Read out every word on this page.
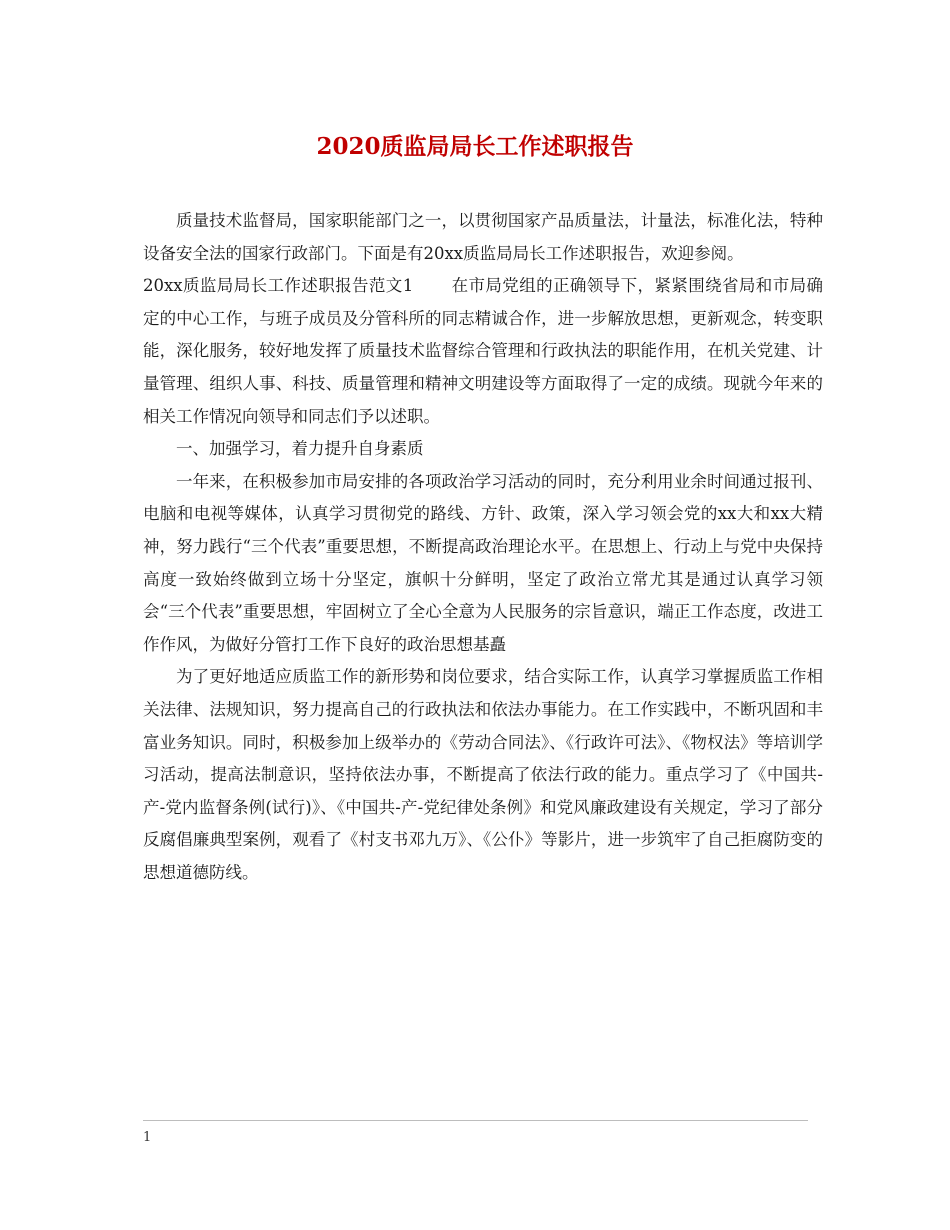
2020质监局局长工作述职报告

质量技术监督局，国家职能部门之一，以贯彻国家产品质量法，计量法，标准化法，特种设备安全法的国家行政部门。下面是有20xx质监局局长工作述职报告，欢迎参阅。

20xx质监局局长工作述职报告范文1 在市局党组的正确领导下，紧紧围绕省局和市局确定的中心工作，与班子成员及分管科所的同志精诚合作，进一步解放思想，更新观念，转变职能，深化服务，较好地发挥了质量技术监督综合管理和行政执法的职能作用，在机关党建、计量管理、组织人事、科技、质量管理和精神文明建设等方面取得了一定的成绩。现就今年来的相关工作情况向领导和同志们予以述职。

一、加强学习，着力提升自身素质

一年来，在积极参加市局安排的各项政治学习活动的同时，充分利用业余时间通过报刊、电脑和电视等媒体，认真学习贯彻党的路线、方针、政策，深入学习领会党的xx大和xx大精神，努力践行“三个代表”重要思想，不断提高政治理论水平。在思想上、行动上与党中央保持高度一致始终做到立场十分坚定，旗帜十分鲜明，坚定了政治立常尤其是通过认真学习领会“三个代表”重要思想，牢固树立了全心全意为人民服务的宗旨意识，端正工作态度，改进工作作风，为做好分管打工作下良好的政治思想基矗

为了更好地适应质监工作的新形势和岗位要求，结合实际工作，认真学习掌握质监工作相关法律、法规知识，努力提高自己的行政执法和依法办事能力。在工作实践中，不断巩固和丰富业务知识。同时，积极参加上级举办的《劳动合同法》、《行政许可法》、《物权法》等培训学习活动，提高法制意识，坚持依法办事，不断提高了依法行政的能力。重点学习了《中国共-产-党内监督条例(试行)》、《中国共-产-党纪律处条例》和党风廉政建设有关规定，学习了部分反腐倡廉典型案例，观看了《村支书邓九万》、《公仆》等影片，进一步筑牢了自己拒腐防变的思想道德防线。

1
